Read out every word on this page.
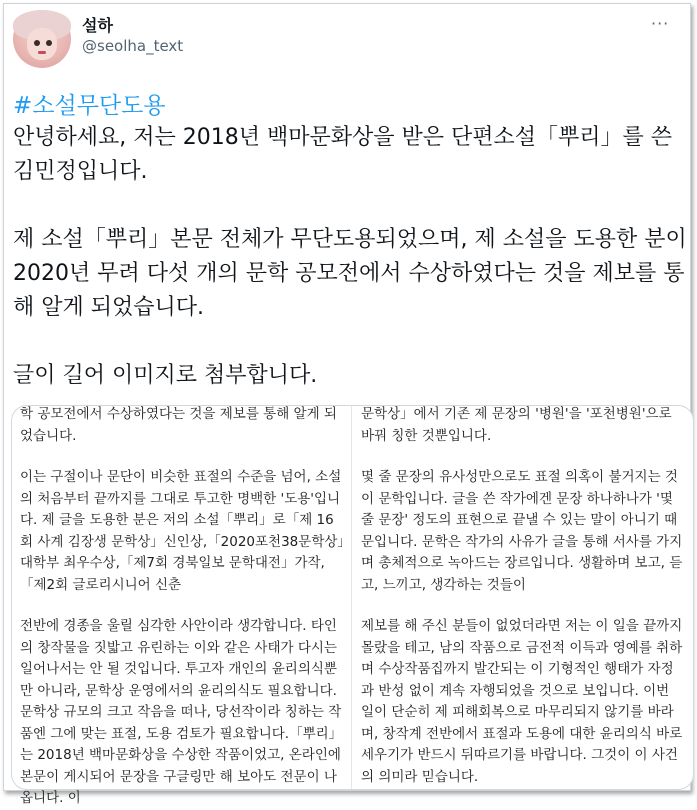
설하
@seolha_text
···
#소설무단도용

안녕하세요, 저는 2018년 백마문화상을 받은 단편소설「뿌리」를 쓴 김민정입니다.

제 소설「뿌리」본문 전체가 무단도용되었으며, 제 소설을 도용한 분이 2020년 무려 다섯 개의 문학 공모전에서 수상하였다는 것을 제보를 통해 알게 되었습니다.

글이 길어 이미지로 첨부합니다.

학 공모전에서 수상하였다는 것을 제보를 통해 알게 되었습니다.

이는 구절이나 문단이 비슷한 표절의 수준을 넘어, 소설의 처음부터 끝까지를 그대로 투고한 명백한 '도용'입니다. 제 글을 도용한 분은 저의 소설「뿌리」로「제 16회 사계 김장생 문학상」신인상,「2020포천38문학상」대학부 최우수상,「제7회 경북일보 문학대전」가작,「제2회 글로리시니어 신춘

전반에 경종을 울릴 심각한 사안이라 생각합니다. 타인의 창작물을 짓밟고 유린하는 이와 같은 사태가 다시는 일어나서는 안 될 것입니다. 투고자 개인의 윤리의식뿐만 아니라, 문학상 운영에서의 윤리의식도 필요합니다. 문학상 규모의 크고 작음을 떠나, 당선작이라 칭하는 작품엔 그에 맞는 표절, 도용 검토가 필요합니다.「뿌리」는 2018년 백마문화상을 수상한 작품이었고, 온라인에 본문이 게시되어 문장을 구글링만 해 보아도 전문이 나옵니다. 이

문학상」에서 기존 제 문장의 '병원'을 '포천병원'으로 바꿔 칭한 것뿐입니다.

몇 줄 문장의 유사성만으로도 표절 의혹이 불거지는 것이 문학입니다. 글을 쓴 작가에겐 문장 하나하나가 '몇 줄 문장' 정도의 표현으로 끝낼 수 있는 말이 아니기 때문입니다. 문학은 작가의 사유가 글을 통해 서사를 가지며 총체적으로 녹아드는 장르입니다. 생활하며 보고, 듣고, 느끼고, 생각하는 것들이

제보를 해 주신 분들이 없었더라면 저는 이 일을 끝까지 몰랐을 테고, 남의 작품으로 금전적 이득과 영예를 취하며 수상작품집까지 발간되는 이 기형적인 행태가 자정과 반성 없이 계속 자행되었을 것으로 보입니다. 이번 일이 단순히 제 피해회복으로 마무리되지 않기를 바라며, 창작계 전반에서 표절과 도용에 대한 윤리의식 바로 세우기가 반드시 뒤따르기를 바랍니다. 그것이 이 사건의 의미라 믿습니다.
